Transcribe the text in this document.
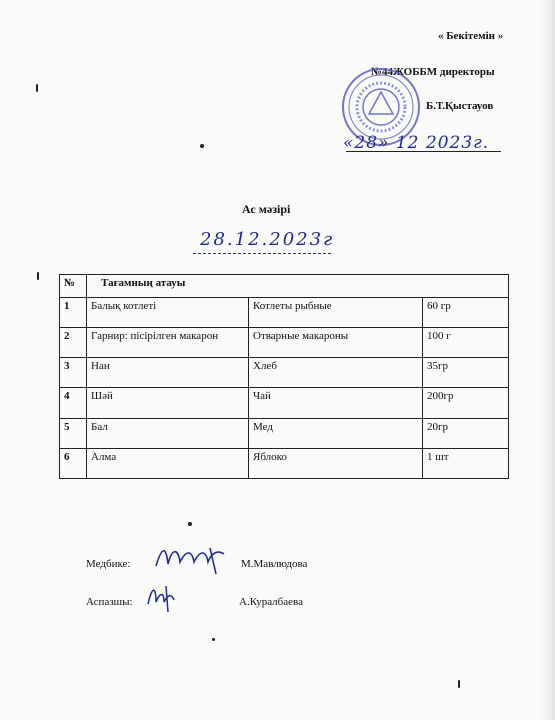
« Бекітемін »
№44ЖОББМ директоры
Б.Т.Қыстауов
«28» 12 2023г.
Ас мәзірі
28.12.2023г
№	Тағамның атауы		
1	Балық котлеті	Котлеты рыбные	60 гр
2	Гарнир: пісірілген макарон	Отварные макароны	100 г
3	Нан	Хлеб	35гр
4	Шәй	Чай	200гр
5	Бал	Мед	20гр
6	Алма	Яблоко	1 шт
Медбике:	М.Мавлюдова
Аспазшы:	А.Куралбаева
